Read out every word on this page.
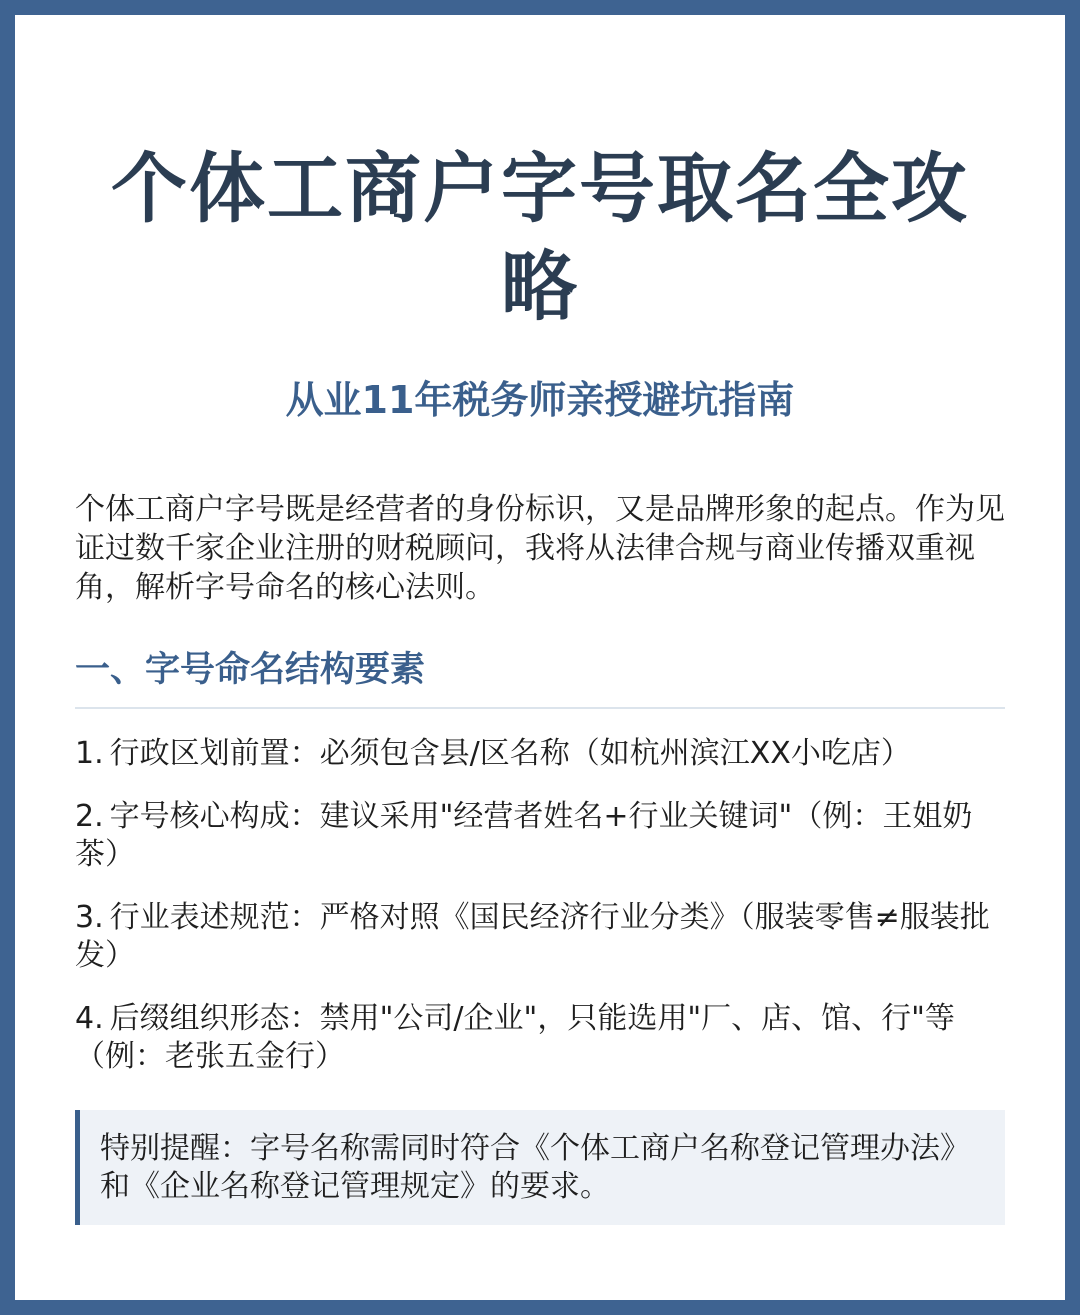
个体工商户字号取名全攻略
从业11年税务师亲授避坑指南
个体工商户字号既是经营者的身份标识，又是品牌形象的起点。作为见证过数千家企业注册的财税顾问，我将从法律合规与商业传播双重视角，解析字号命名的核心法则。
一、字号命名结构要素
1. 行政区划前置：必须包含县/区名称（如杭州滨江XX小吃店）
2. 字号核心构成：建议采用"经营者姓名+行业关键词"（例：王姐奶茶）
3. 行业表述规范：严格对照《国民经济行业分类》（服装零售≠服装批发）
4. 后缀组织形态：禁用"公司/企业"，只能选用"厂、店、馆、行"等（例：老张五金行）
特别提醒：字号名称需同时符合《个体工商户名称登记管理办法》和《企业名称登记管理规定》的要求。
